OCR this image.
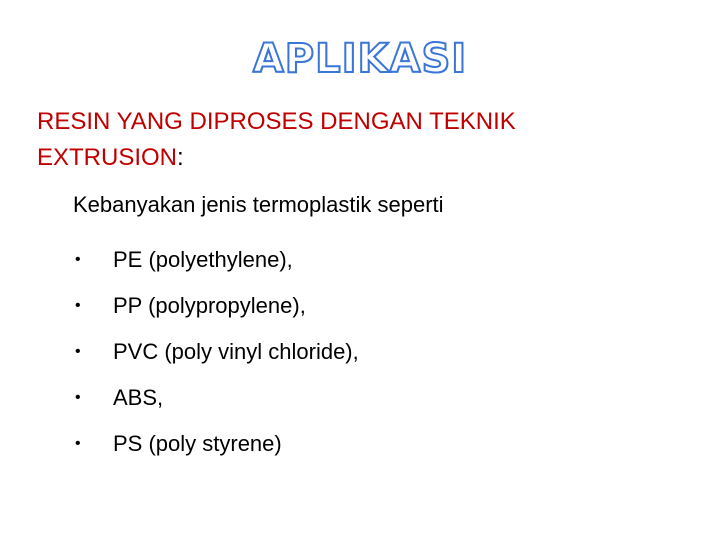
APLIKASI
RESIN YANG DIPROSES DENGAN TEKNIK
EXTRUSION:
Kebanyakan jenis termoplastik seperti
•	PE (polyethylene),
•	PP (polypropylene),
•	PVC (poly vinyl chloride),
•	ABS,
•	PS (poly styrene)
